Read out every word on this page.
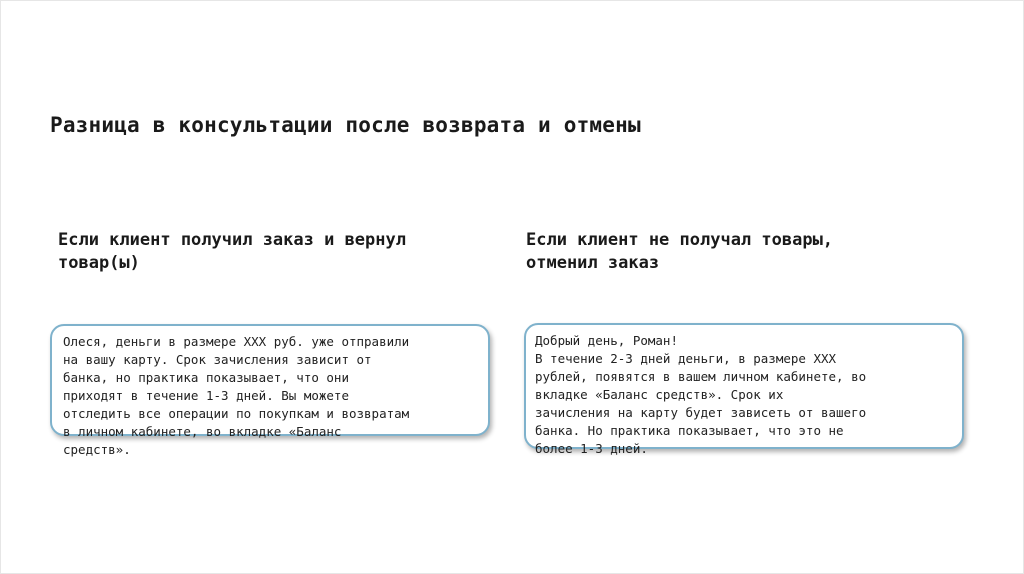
Разница в консультации после возврата и отмены
Если клиент получил заказ и вернул
товар(ы)
Если клиент не получал товары,
отменил заказ
Олеся, деньги в размере XXX руб. уже отправили
на вашу карту. Срок зачисления зависит от
банка, но практика показывает, что они
приходят в течение 1-3 дней. Вы можете
отследить все операции по покупкам и возвратам
в личном кабинете, во вкладке «Баланс
средств».
Добрый день, Роман!
В течение 2-3 дней деньги, в размере XXX
рублей, появятся в вашем личном кабинете, во
вкладке «Баланс средств». Срок их
зачисления на карту будет зависеть от вашего
банка. Но практика показывает, что это не
более 1-3 дней.
